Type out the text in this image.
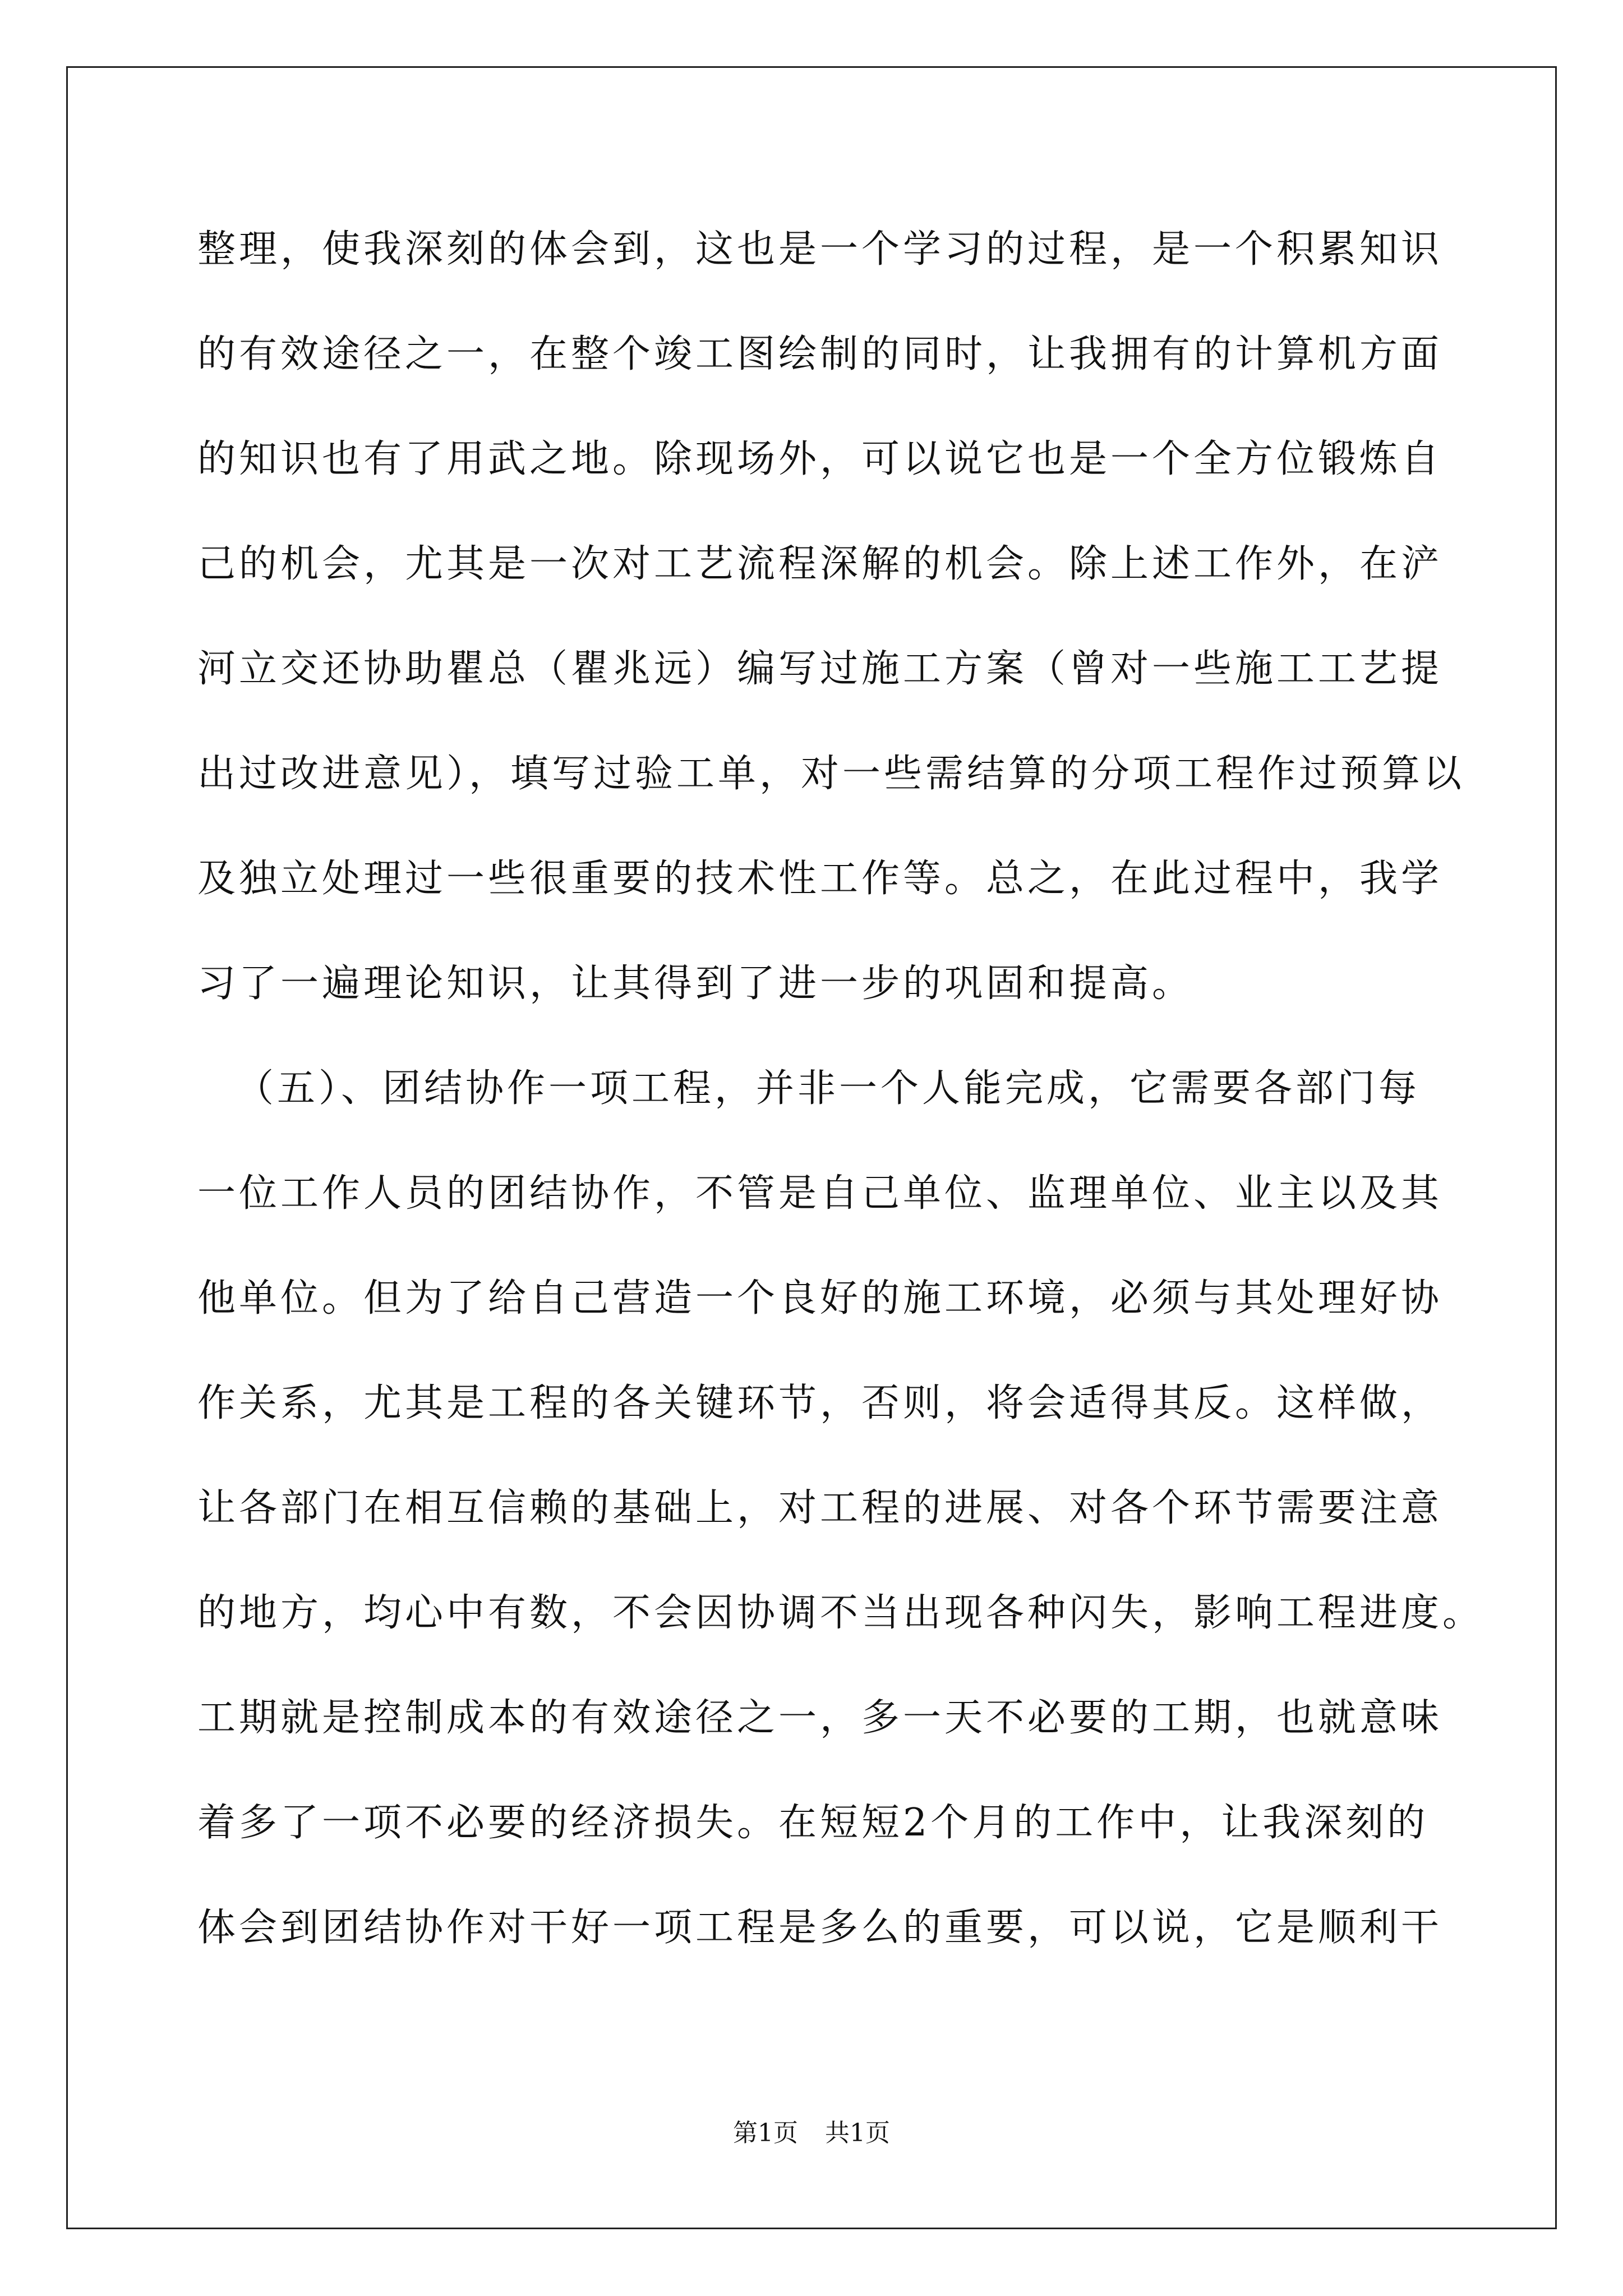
整理，使我深刻的体会到，这也是一个学习的过程，是一个积累知识
的有效途径之一，在整个竣工图绘制的同时，让我拥有的计算机方面
的知识也有了用武之地。除现场外，可以说它也是一个全方位锻炼自
己的机会，尤其是一次对工艺流程深解的机会。除上述工作外，在浐
河立交还协助瞿总（瞿兆远）编写过施工方案（曾对一些施工工艺提
出过改进意见），填写过验工单，对一些需结算的分项工程作过预算以
及独立处理过一些很重要的技术性工作等。总之，在此过程中，我学
习了一遍理论知识，让其得到了进一步的巩固和提高。
（五）、团结协作一项工程，并非一个人能完成，它需要各部门每
一位工作人员的团结协作，不管是自己单位、监理单位、业主以及其
他单位。但为了给自己营造一个良好的施工环境，必须与其处理好协
作关系，尤其是工程的各关键环节，否则，将会适得其反。这样做，
让各部门在相互信赖的基础上，对工程的进展、对各个环节需要注意
的地方，均心中有数，不会因协调不当出现各种闪失，影响工程进度。
工期就是控制成本的有效途径之一，多一天不必要的工期，也就意味
着多了一项不必要的经济损失。在短短2个月的工作中，让我深刻的
体会到团结协作对干好一项工程是多么的重要，可以说，它是顺利干
第1页 共1页
